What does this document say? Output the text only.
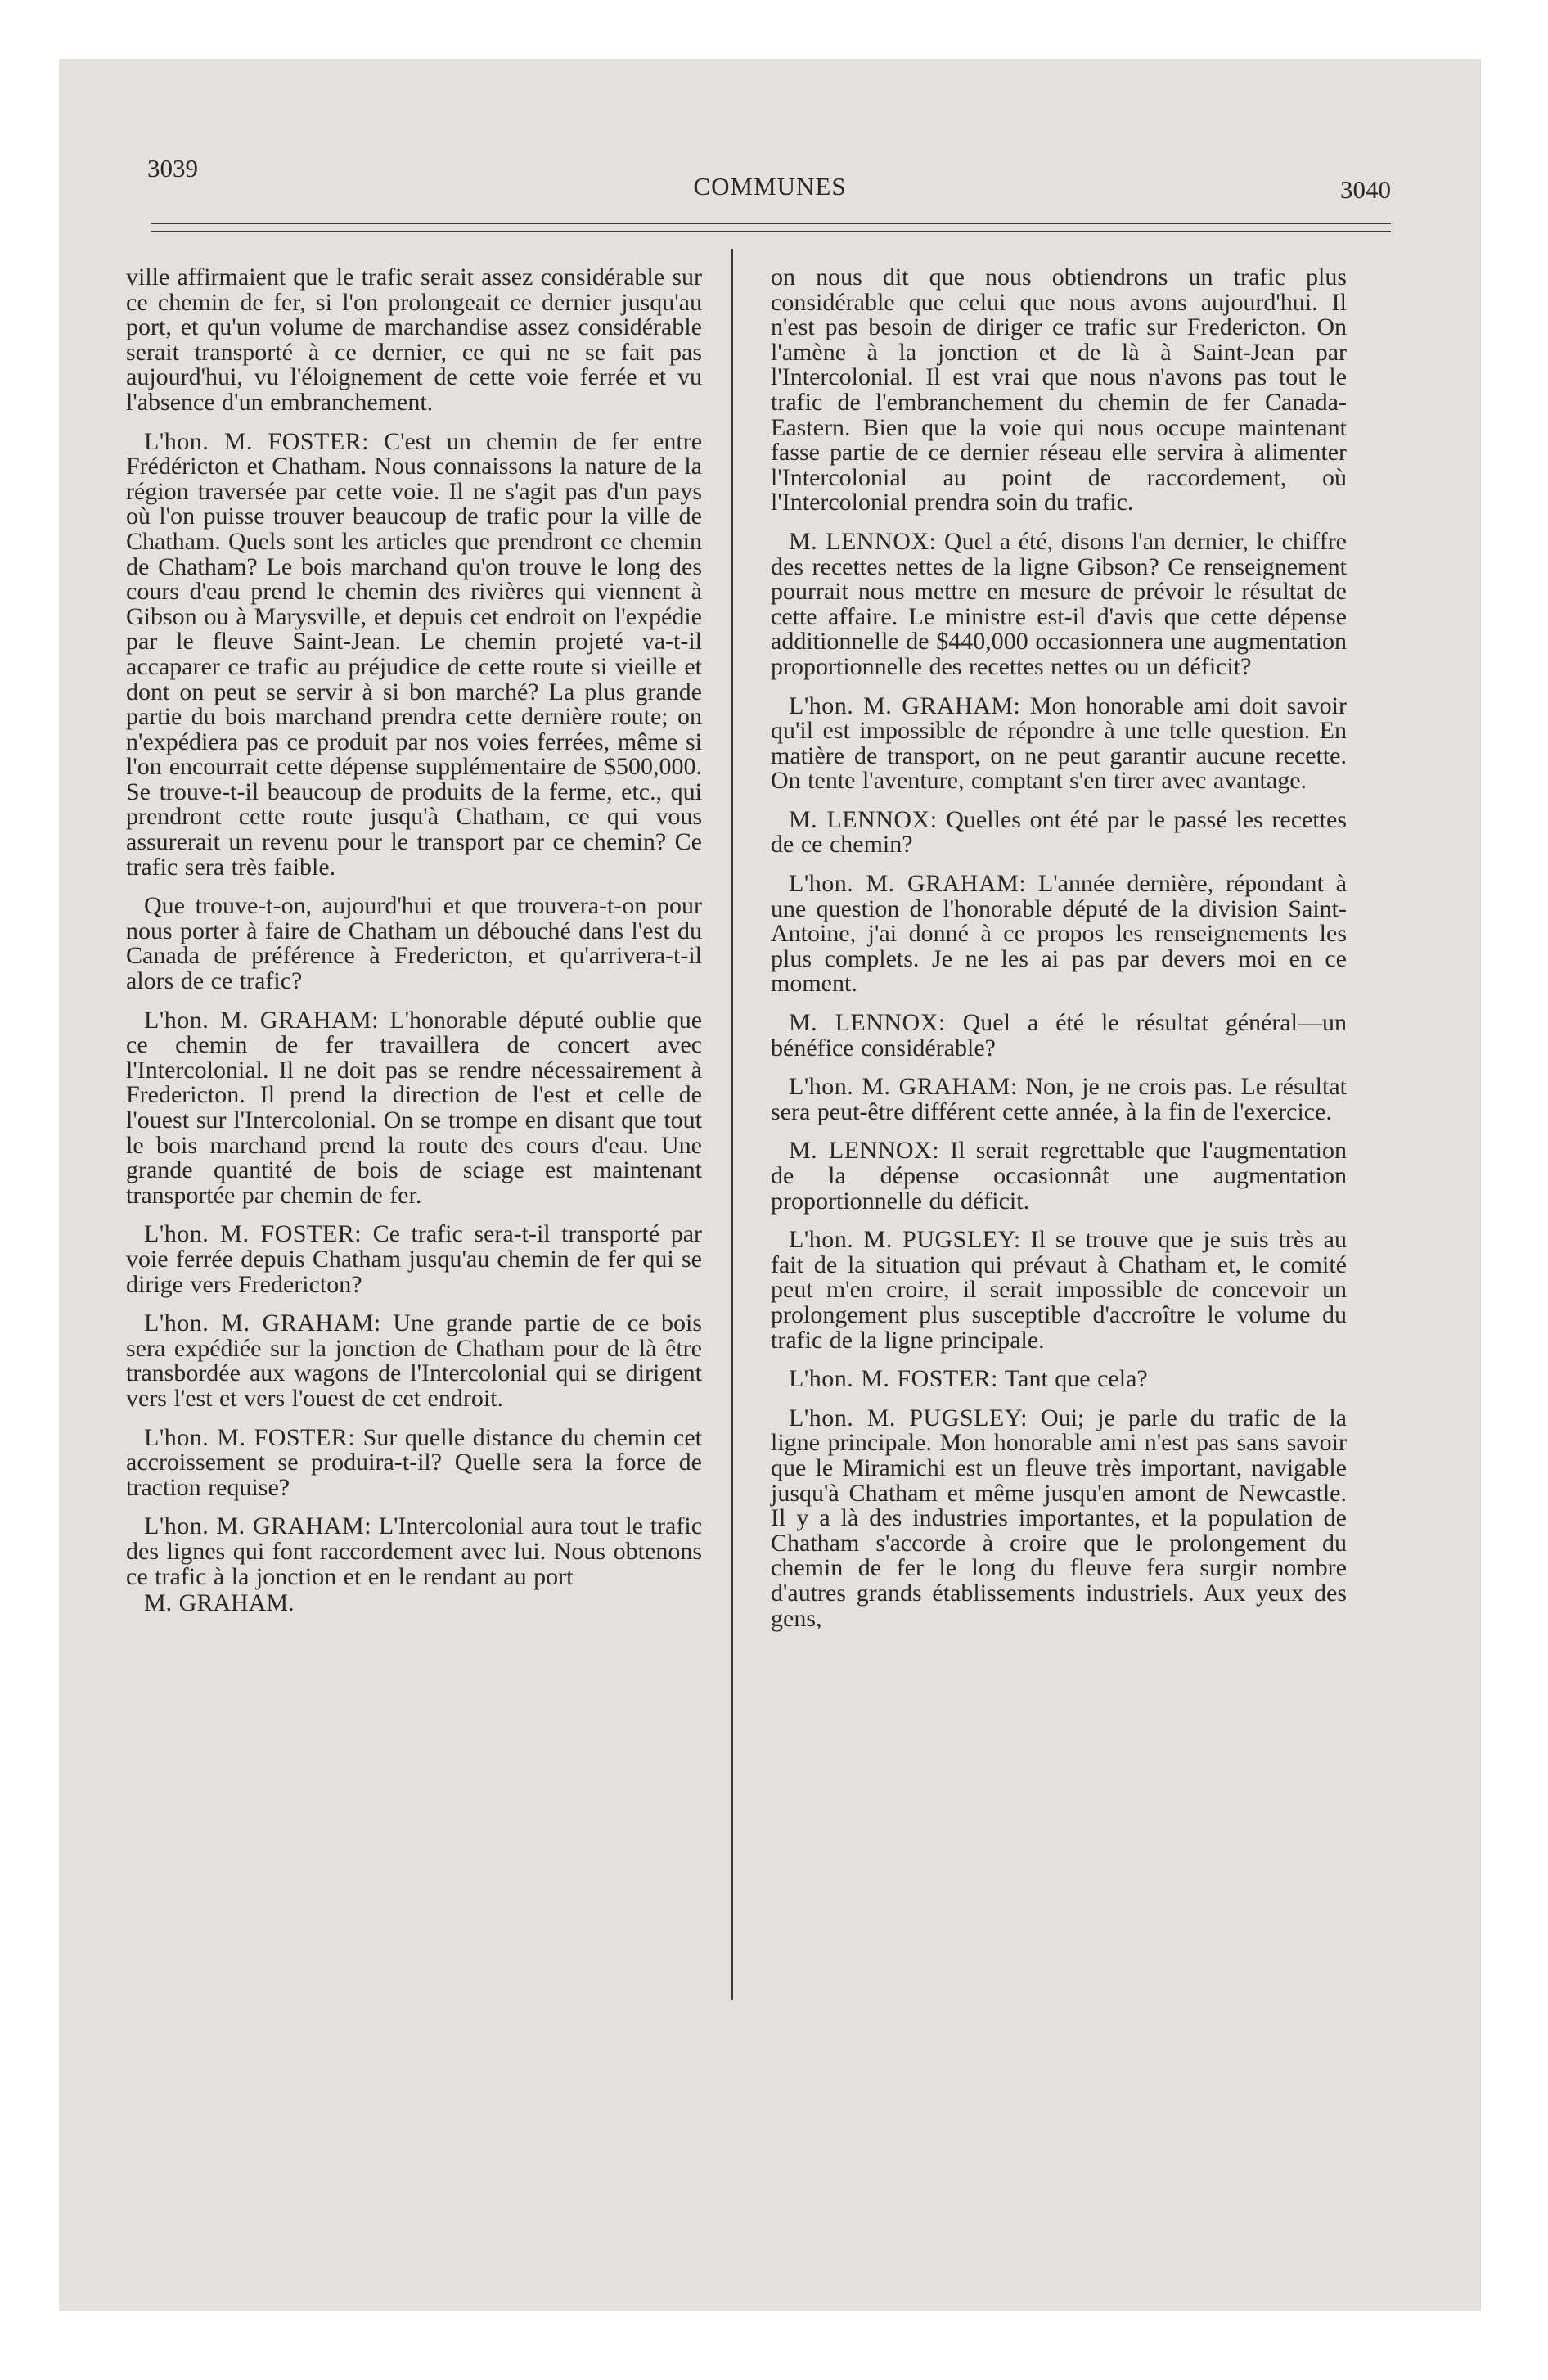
3039
COMMUNES	3040

ville affirmaient que le trafic serait assez considérable sur ce chemin de fer, si l'on prolongeait ce dernier jusqu'au port, et qu'un volume de marchandise assez considérable serait transporté à ce dernier, ce qui ne se fait pas aujourd'hui, vu l'éloignement de cette voie ferrée et vu l'absence d'un embranchement.

L'hon. M. FOSTER: C'est un chemin de fer entre Frédéricton et Chatham. Nous connaissons la nature de la région traversée par cette voie. Il ne s'agit pas d'un pays où l'on puisse trouver beaucoup de trafic pour la ville de Chatham. Quels sont les articles que prendront ce chemin de Chatham? Le bois marchand qu'on trouve le long des cours d'eau prend le chemin des rivières qui viennent à Gibson ou à Marysville, et depuis cet endroit on l'expédie par le fleuve Saint-Jean. Le chemin projeté va-t-il accaparer ce trafic au préjudice de cette route si vieille et dont on peut se servir à si bon marché? La plus grande partie du bois marchand prendra cette dernière route; on n'expédiera pas ce produit par nos voies ferrées, même si l'on encourrait cette dépense supplémentaire de $500,000. Se trouve-t-il beaucoup de produits de la ferme, etc., qui prendront cette route jusqu'à Chatham, ce qui vous assurerait un revenu pour le transport par ce chemin? Ce trafic sera très faible.

Que trouve-t-on, aujourd'hui et que trouvera-t-on pour nous porter à faire de Chatham un débouché dans l'est du Canada de préférence à Fredericton, et qu'arrivera-t-il alors de ce trafic?

L'hon. M. GRAHAM: L'honorable député oublie que ce chemin de fer travaillera de concert avec l'Intercolonial. Il ne doit pas se rendre nécessairement à Fredericton. Il prend la direction de l'est et celle de l'ouest sur l'Intercolonial. On se trompe en disant que tout le bois marchand prend la route des cours d'eau. Une grande quantité de bois de sciage est maintenant transportée par chemin de fer.

L'hon. M. FOSTER: Ce trafic sera-t-il transporté par voie ferrée depuis Chatham jusqu'au chemin de fer qui se dirige vers Fredericton?

L'hon. M. GRAHAM: Une grande partie de ce bois sera expédiée sur la jonction de Chatham pour de là être transbordée aux wagons de l'Intercolonial qui se dirigent vers l'est et vers l'ouest de cet endroit.

L'hon. M. FOSTER: Sur quelle distance du chemin cet accroissement se produira-t-il? Quelle sera la force de traction requise?

L'hon. M. GRAHAM: L'Intercolonial aura tout le trafic des lignes qui font raccordement avec lui. Nous obtenons ce trafic à la jonction et en le rendant au port

M. GRAHAM.

on nous dit que nous obtiendrons un trafic plus considérable que celui que nous avons aujourd'hui. Il n'est pas besoin de diriger ce trafic sur Fredericton. On l'amène à la jonction et de là à Saint-Jean par l'Intercolonial. Il est vrai que nous n'avons pas tout le trafic de l'embranchement du chemin de fer Canada-Eastern. Bien que la voie qui nous occupe maintenant fasse partie de ce dernier réseau elle servira à alimenter l'Intercolonial au point de raccordement, où l'Intercolonial prendra soin du trafic.

M. LENNOX: Quel a été, disons l'an dernier, le chiffre des recettes nettes de la ligne Gibson? Ce renseignement pourrait nous mettre en mesure de prévoir le résultat de cette affaire. Le ministre est-il d'avis que cette dépense additionnelle de $440,000 occasionnera une augmentation proportionnelle des recettes nettes ou un déficit?

L'hon. M. GRAHAM: Mon honorable ami doit savoir qu'il est impossible de répondre à une telle question. En matière de transport, on ne peut garantir aucune recette. On tente l'aventure, comptant s'en tirer avec avantage.

M. LENNOX: Quelles ont été par le passé les recettes de ce chemin?

L'hon. M. GRAHAM: L'année dernière, répondant à une question de l'honorable député de la division Saint-Antoine, j'ai donné à ce propos les renseignements les plus complets. Je ne les ai pas par devers moi en ce moment.

M. LENNOX: Quel a été le résultat général—un bénéfice considérable?

L'hon. M. GRAHAM: Non, je ne crois pas. Le résultat sera peut-être différent cette année, à la fin de l'exercice.

M. LENNOX: Il serait regrettable que l'augmentation de la dépense occasionnât une augmentation proportionnelle du déficit.

L'hon. M. PUGSLEY: Il se trouve que je suis très au fait de la situation qui prévaut à Chatham et, le comité peut m'en croire, il serait impossible de concevoir un prolongement plus susceptible d'accroître le volume du trafic de la ligne principale.

L'hon. M. FOSTER: Tant que cela?

L'hon. M. PUGSLEY: Oui; je parle du trafic de la ligne principale. Mon honorable ami n'est pas sans savoir que le Miramichi est un fleuve très important, navigable jusqu'à Chatham et même jusqu'en amont de Newcastle. Il y a là des industries importantes, et la population de Chatham s'accorde à croire que le prolongement du chemin de fer le long du fleuve fera surgir nombre d'autres grands établissements industriels. Aux yeux des gens,
